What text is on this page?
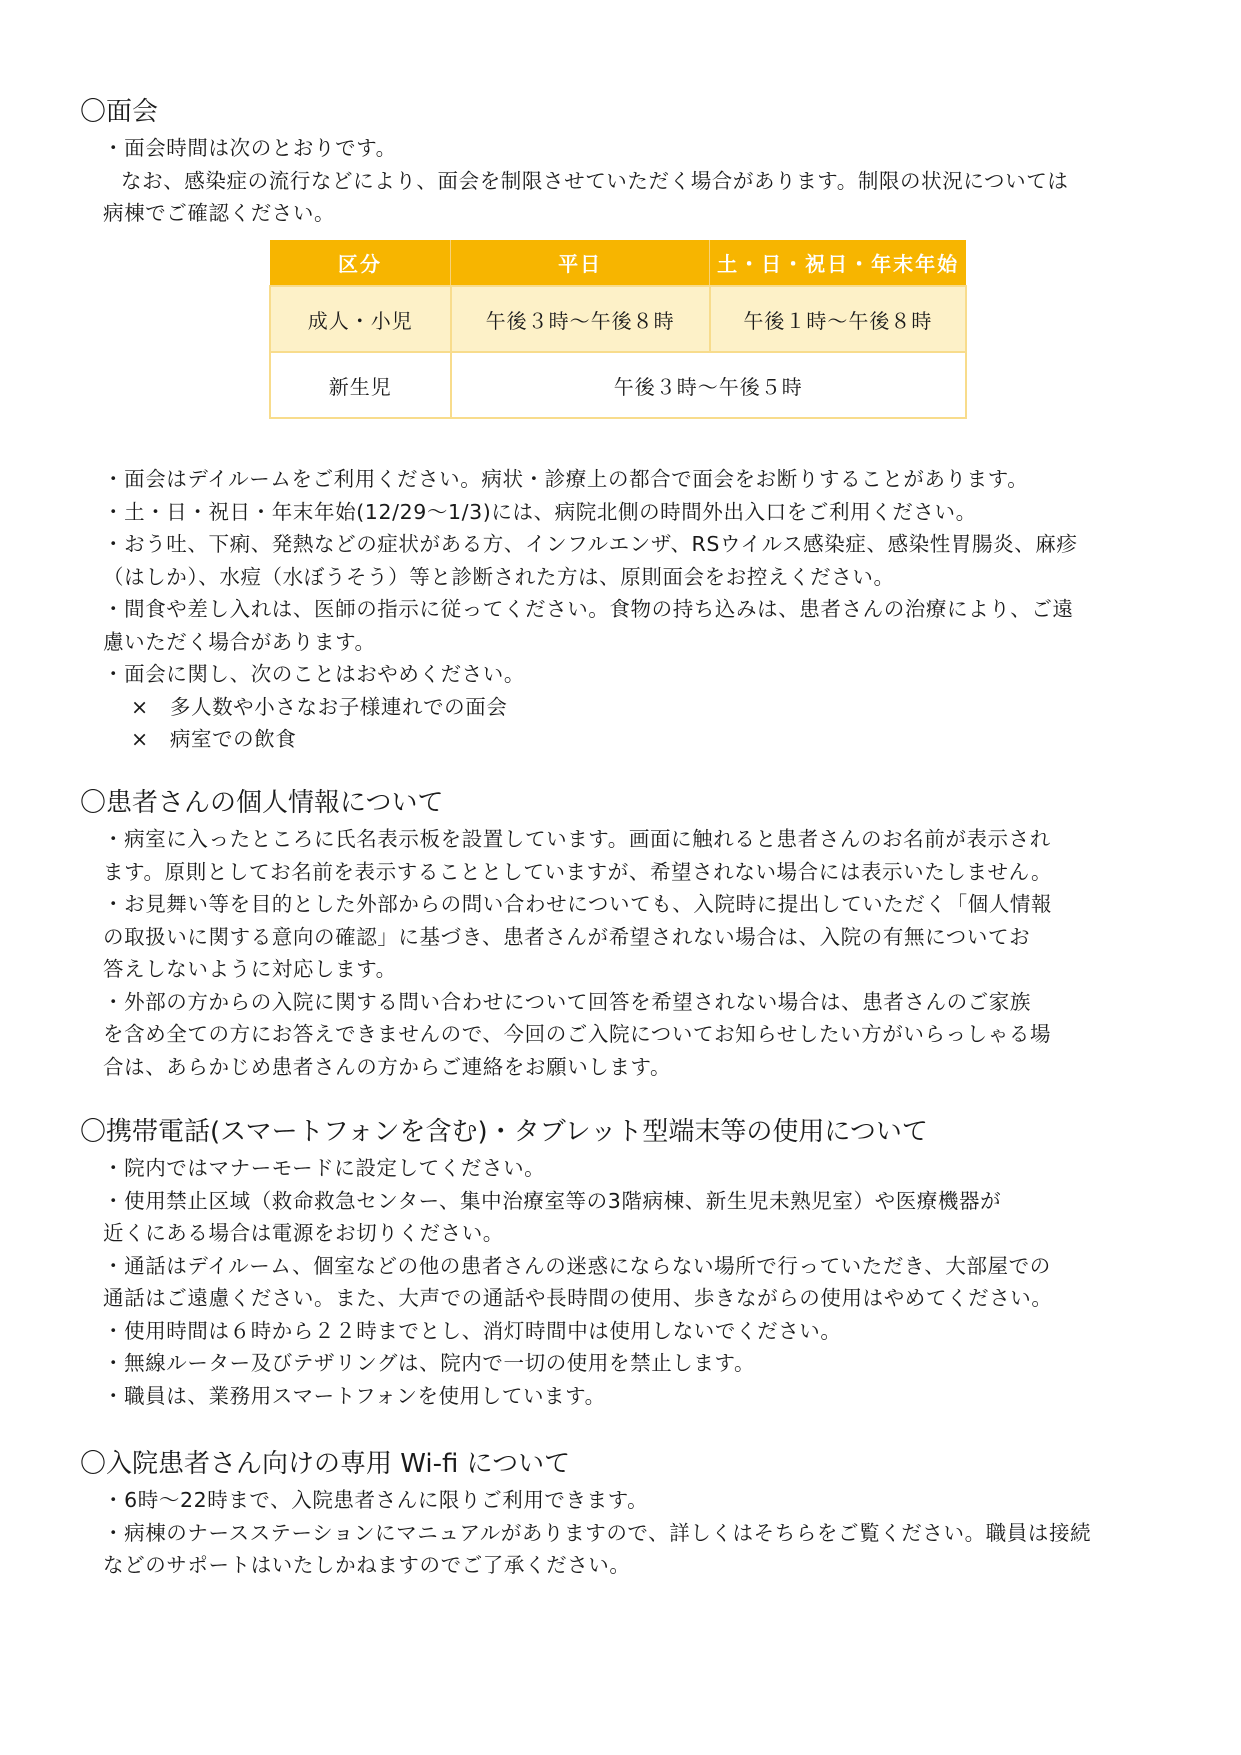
〇面会
・面会時間は次のとおりです。
なお、感染症の流行などにより、面会を制限させていただく場合があります。制限の状況については
病棟でご確認ください。
区分	平日	土・日・祝日・年末年始
成人・小児	午後３時～午後８時	午後１時～午後８時
新生児	午後３時～午後５時	
・面会はデイルームをご利用ください。病状・診療上の都合で面会をお断りすることがあります。
・土・日・祝日・年末年始(12/29～1/3)には、病院北側の時間外出入口をご利用ください。
・おう吐、下痢、発熱などの症状がある方、インフルエンザ、RSウイルス感染症、感染性胃腸炎、麻疹
（はしか）、水痘（水ぼうそう）等と診断された方は、原則面会をお控えください。
・間食や差し入れは、医師の指示に従ってください。食物の持ち込みは、患者さんの治療により、ご遠
慮いただく場合があります。
・面会に関し、次のことはおやめください。
×　多人数や小さなお子様連れでの面会
×　病室での飲食
〇患者さんの個人情報について
・病室に入ったところに氏名表示板を設置しています。画面に触れると患者さんのお名前が表示され
ます。原則としてお名前を表示することとしていますが、希望されない場合には表示いたしません。
・お見舞い等を目的とした外部からの問い合わせについても、入院時に提出していただく「個人情報
の取扱いに関する意向の確認」に基づき、患者さんが希望されない場合は、入院の有無についてお
答えしないように対応します。
・外部の方からの入院に関する問い合わせについて回答を希望されない場合は、患者さんのご家族
を含め全ての方にお答えできませんので、今回のご入院についてお知らせしたい方がいらっしゃる場
合は、あらかじめ患者さんの方からご連絡をお願いします。
〇携帯電話(スマートフォンを含む)・タブレット型端末等の使用について
・院内ではマナーモードに設定してください。
・使用禁止区域（救命救急センター、集中治療室等の3階病棟、新生児未熟児室）や医療機器が
近くにある場合は電源をお切りください。
・通話はデイルーム、個室などの他の患者さんの迷惑にならない場所で行っていただき、大部屋での
通話はご遠慮ください。また、大声での通話や長時間の使用、歩きながらの使用はやめてください。
・使用時間は６時から２２時までとし、消灯時間中は使用しないでください。
・無線ルーター及びテザリングは、院内で一切の使用を禁止します。
・職員は、業務用スマートフォンを使用しています。
〇入院患者さん向けの専用 Wi-fi について
・6時～22時まで、入院患者さんに限りご利用できます。
・病棟のナースステーションにマニュアルがありますので、詳しくはそちらをご覧ください。職員は接続
などのサポートはいたしかねますのでご了承ください。
